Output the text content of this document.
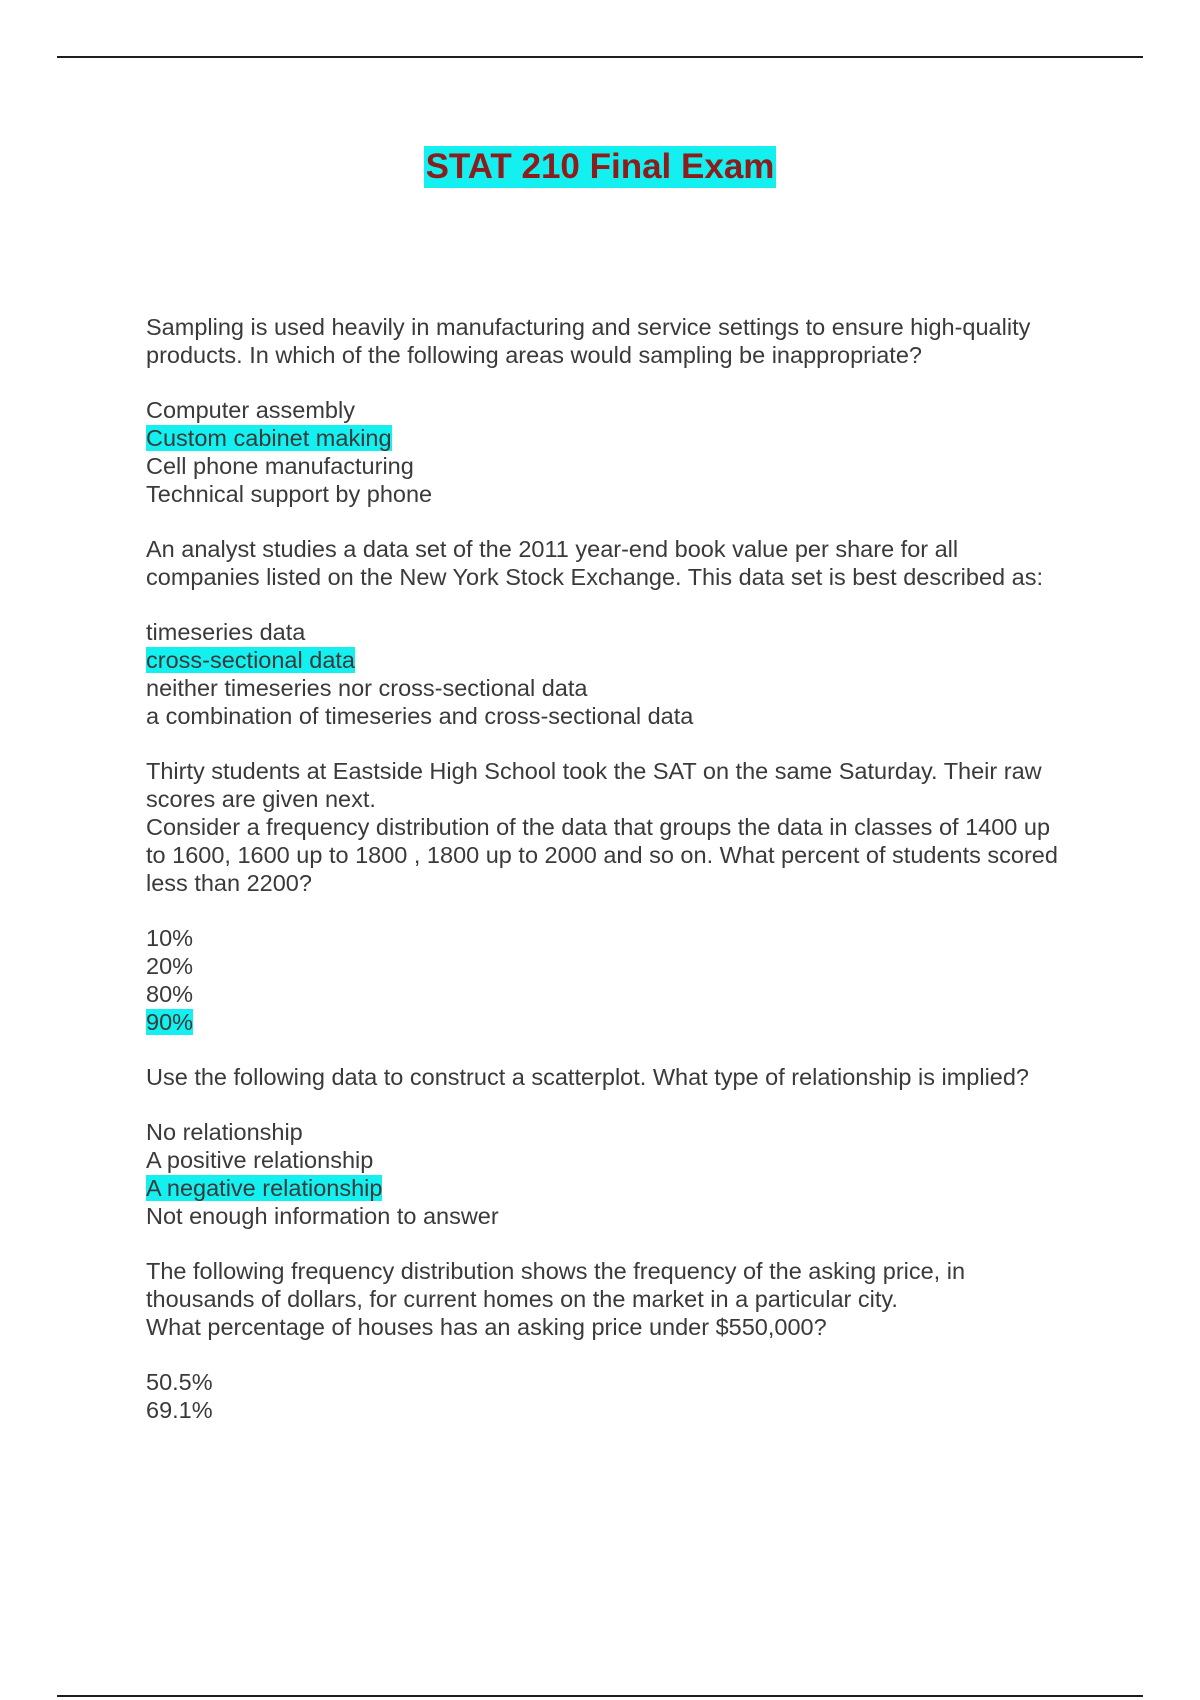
STAT 210 Final Exam

Sampling is used heavily in manufacturing and service settings to ensure high-quality

products. In which of the following areas would sampling be inappropriate?

Computer assembly
Custom cabinet making
Cell phone manufacturing
Technical support by phone

An analyst studies a data set of the 2011 year-end book value per share for all

companies listed on the New York Stock Exchange. This data set is best described as:

timeseries data
cross-sectional data
neither timeseries nor cross-sectional data
a combination of timeseries and cross-sectional data

Thirty students at Eastside High School took the SAT on the same Saturday. Their raw

scores are given next.

Consider a frequency distribution of the data that groups the data in classes of 1400 up

to 1600, 1600 up to 1800 , 1800 up to 2000 and so on. What percent of students scored

less than 2200?

10%
20%
80%
90%

Use the following data to construct a scatterplot. What type of relationship is implied?

No relationship
A positive relationship
A negative relationship
Not enough information to answer

The following frequency distribution shows the frequency of the asking price, in

thousands of dollars, for current homes on the market in a particular city.

What percentage of houses has an asking price under $550,000?

50.5%
69.1%
